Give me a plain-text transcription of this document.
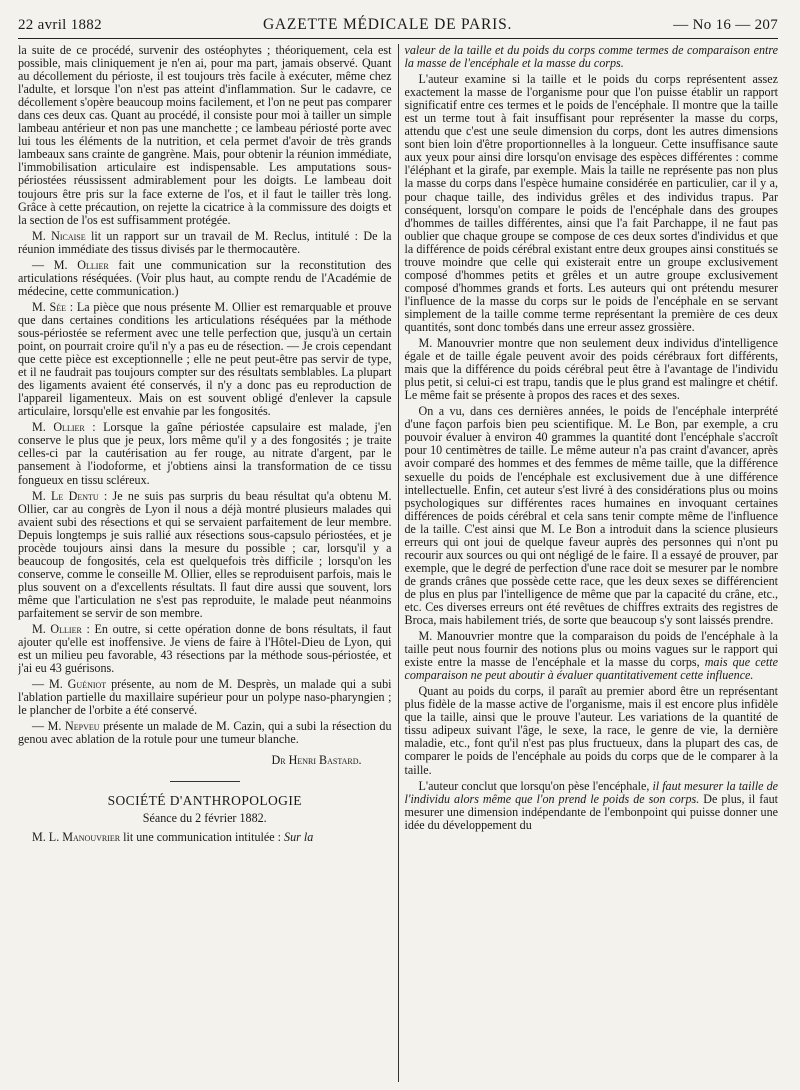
22 avril 1882	GAZETTE MÉDICALE DE PARIS.	— No 16 — 207

la suite de ce procédé, survenir des ostéophytes ; théoriquement, cela est possible, mais cliniquement je n'en ai, pour ma part, jamais observé. Quant au décollement du périoste, il est toujours très facile à exécuter, même chez l'adulte, et lorsque l'on n'est pas atteint d'inflammation. Sur le cadavre, ce décollement s'opère beaucoup moins facilement, et l'on ne peut pas comparer dans ces deux cas. Quant au procédé, il consiste pour moi à tailler un simple lambeau antérieur et non pas une manchette ; ce lambeau périosté porte avec lui tous les éléments de la nutrition, et cela permet d'avoir de très grands lambeaux sans crainte de gangrène. Mais, pour obtenir la réunion immédiate, l'immobilisation articulaire est indispensable. Les amputations sous-périostées réussissent admirablement pour les doigts. Le lambeau doit toujours être pris sur la face externe de l'os, et il faut le tailler très long. Grâce à cette précaution, on rejette la cicatrice à la commissure des doigts et la section de l'os est suffisamment protégée.

M. Nicaise lit un rapport sur un travail de M. Reclus, intitulé : De la réunion immédiate des tissus divisés par le thermocautère.

— M. Ollier fait une communication sur la reconstitution des articulations réséquées. (Voir plus haut, au compte rendu de l'Académie de médecine, cette communication.)

M. Sée : La pièce que nous présente M. Ollier est remarquable et prouve que dans certaines conditions les articulations réséquées par la méthode sous-périostée se referment avec une telle perfection que, jusqu'à un certain point, on pourrait croire qu'il n'y a pas eu de résection. — Je crois cependant que cette pièce est exceptionnelle ; elle ne peut peut-être pas servir de type, et il ne faudrait pas toujours compter sur des résultats semblables. La plupart des ligaments avaient été conservés, il n'y a donc pas eu reproduction de l'appareil ligamenteux. Mais on est souvent obligé d'enlever la capsule articulaire, lorsqu'elle est envahie par les fongosités.

M. Ollier : Lorsque la gaîne périostée capsulaire est malade, j'en conserve le plus que je peux, lors même qu'il y a des fongosités ; je traite celles-ci par la cautérisation au fer rouge, au nitrate d'argent, par le pansement à l'iodoforme, et j'obtiens ainsi la transformation de ce tissu fongueux en tissu scléreux.

M. Le Dentu : Je ne suis pas surpris du beau résultat qu'a obtenu M. Ollier, car au congrès de Lyon il nous a déjà montré plusieurs malades qui avaient subi des résections et qui se servaient parfaitement de leur membre. Depuis longtemps je suis rallié aux résections sous-capsulo périostées, et je procède toujours ainsi dans la mesure du possible ; car, lorsqu'il y a beaucoup de fongosités, cela est quelquefois très difficile ; lorsqu'on les conserve, comme le conseille M. Ollier, elles se reproduisent parfois, mais le plus souvent on a d'excellents résultats. Il faut dire aussi que souvent, lors même que l'articulation ne s'est pas reproduite, le malade peut néanmoins parfaitement se servir de son membre.

M. Ollier : En outre, si cette opération donne de bons résultats, il faut ajouter qu'elle est inoffensive. Je viens de faire à l'Hôtel-Dieu de Lyon, qui est un milieu peu favorable, 43 résections par la méthode sous-périostée, et j'ai eu 43 guérisons.

— M. Guéniot présente, au nom de M. Desprès, un malade qui a subi l'ablation partielle du maxillaire supérieur pour un polype naso-pharyngien ; le plancher de l'orbite a été conservé.

— M. Nepveu présente un malade de M. Cazin, qui a subi la résection du genou avec ablation de la rotule pour une tumeur blanche.

Dr Henri Bastard.
SOCIÉTÉ D'ANTHROPOLOGIE
Séance du 2 février 1882.

M. L. Manouvrier lit une communication intitulée : Sur la

valeur de la taille et du poids du corps comme termes de comparaison entre la masse de l'encéphale et la masse du corps.

L'auteur examine si la taille et le poids du corps représentent assez exactement la masse de l'organisme pour que l'on puisse établir un rapport significatif entre ces termes et le poids de l'encéphale. Il montre que la taille est un terme tout à fait insuffisant pour représenter la masse du corps, attendu que c'est une seule dimension du corps, dont les autres dimensions sont bien loin d'être proportionnelles à la longueur. Cette insuffisance saute aux yeux pour ainsi dire lorsqu'on envisage des espèces différentes : comme l'éléphant et la girafe, par exemple. Mais la taille ne représente pas non plus la masse du corps dans l'espèce humaine considérée en particulier, car il y a, pour chaque taille, des individus grêles et des individus trapus. Par conséquent, lorsqu'on compare le poids de l'encéphale dans des groupes d'hommes de tailles différentes, ainsi que l'a fait Parchappe, il ne faut pas oublier que chaque groupe se compose de ces deux sortes d'individus et que la différence de poids cérébral existant entre deux groupes ainsi constitués se trouve moindre que celle qui existerait entre un groupe exclusivement composé d'hommes petits et grêles et un autre groupe exclusivement composé d'hommes grands et forts. Les auteurs qui ont prétendu mesurer l'influence de la masse du corps sur le poids de l'encéphale en se servant simplement de la taille comme terme représentant la première de ces deux quantités, sont donc tombés dans une erreur assez grossière.

M. Manouvrier montre que non seulement deux individus d'intelligence égale et de taille égale peuvent avoir des poids cérébraux fort différents, mais que la différence du poids cérébral peut être à l'avantage de l'individu plus petit, si celui-ci est trapu, tandis que le plus grand est malingre et chétif. Le même fait se présente à propos des races et des sexes.

On a vu, dans ces dernières années, le poids de l'encéphale interprété d'une façon parfois bien peu scientifique. M. Le Bon, par exemple, a cru pouvoir évaluer à environ 40 grammes la quantité dont l'encéphale s'accroît pour 10 centimètres de taille. Le même auteur n'a pas craint d'avancer, après avoir comparé des hommes et des femmes de même taille, que la différence sexuelle du poids de l'encéphale est exclusivement due à une différence intellectuelle. Enfin, cet auteur s'est livré à des considérations plus ou moins psychologiques sur différentes races humaines en invoquant certaines différences de poids cérébral et cela sans tenir compte même de l'influence de la taille. C'est ainsi que M. Le Bon a introduit dans la science plusieurs erreurs qui ont joui de quelque faveur auprès des personnes qui n'ont pu recourir aux sources ou qui ont négligé de le faire. Il a essayé de prouver, par exemple, que le degré de perfection d'une race doit se mesurer par le nombre de grands crânes que possède cette race, que les deux sexes se différencient de plus en plus par l'intelligence de même que par la capacité du crâne, etc., etc. Ces diverses erreurs ont été revêtues de chiffres extraits des registres de Broca, mais habilement triés, de sorte que beaucoup s'y sont laissés prendre.

M. Manouvrier montre que la comparaison du poids de l'encéphale à la taille peut nous fournir des notions plus ou moins vagues sur le rapport qui existe entre la masse de l'encéphale et la masse du corps, mais que cette comparaison ne peut aboutir à évaluer quantitativement cette influence.

Quant au poids du corps, il paraît au premier abord être un représentant plus fidèle de la masse active de l'organisme, mais il est encore plus infidèle que la taille, ainsi que le prouve l'auteur. Les variations de la quantité de tissu adipeux suivant l'âge, le sexe, la race, le genre de vie, la dernière maladie, etc., font qu'il n'est pas plus fructueux, dans la plupart des cas, de comparer le poids de l'encéphale au poids du corps que de le comparer à la taille.

L'auteur conclut que lorsqu'on pèse l'encéphale, il faut mesurer la taille de l'individu alors même que l'on prend le poids de son corps. De plus, il faut mesurer une dimension indépendante de l'embonpoint qui puisse donner une idée du développement du
